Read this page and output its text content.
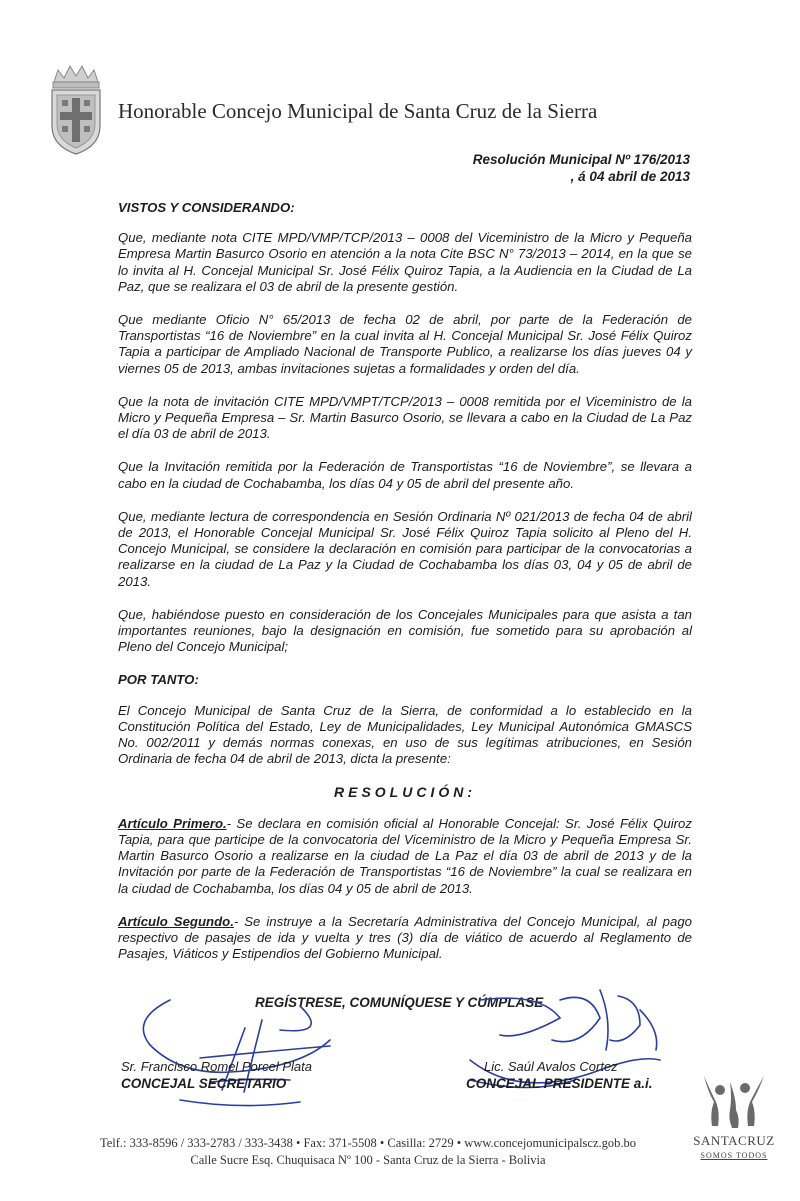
Honorable Concejo Municipal de Santa Cruz de la Sierra
Resolución Municipal Nº 176/2013
, á 04 abril de 2013
VISTOS Y CONSIDERANDO:

Que, mediante nota CITE MPD/VMP/TCP/2013 – 0008 del Viceministro de la Micro y Pequeña Empresa Martin Basurco Osorio en atención a la nota Cite BSC N° 73/2013 – 2014, en la que se lo invita al H. Concejal Municipal Sr. José Félix Quiroz Tapia, a la Audiencia en la Ciudad de La Paz, que se realizara el 03 de abril de la presente gestión.

Que mediante Oficio N° 65/2013 de fecha 02 de abril, por parte de la Federación de Transportistas “16 de Noviembre” en la cual invita al H. Concejal Municipal Sr. José Félix Quiroz Tapia a participar de Ampliado Nacional de Transporte Publico, a realizarse los días jueves 04 y viernes 05 de 2013, ambas invitaciones sujetas a formalidades y orden del día.

Que la nota de invitación CITE MPD/VMPT/TCP/2013 – 0008 remitida por el Viceministro de la Micro y Pequeña Empresa – Sr. Martin Basurco Osorio, se llevara a cabo en la Ciudad de La Paz el día 03 de abril de 2013.

Que la Invitación remitida por la Federación de Transportistas “16 de Noviembre”, se llevara a cabo en la ciudad de Cochabamba, los días 04 y 05 de abril del presente año.

Que, mediante lectura de correspondencia en Sesión Ordinaria Nº 021/2013 de fecha 04 de abril de 2013, el Honorable Concejal Municipal Sr. José Félix Quiroz Tapia solicito al Pleno del H. Concejo Municipal, se considere la declaración en comisión para participar de la convocatorias a realizarse en la ciudad de La Paz y la Ciudad de Cochabamba los días 03, 04 y 05 de abril de 2013.

Que, habiéndose puesto en consideración de los Concejales Municipales para que asista a tan importantes reuniones, bajo la designación en comisión, fue sometido para su aprobación al Pleno del Concejo Municipal;

POR TANTO:

El Concejo Municipal de Santa Cruz de la Sierra, de conformidad a lo establecido en la Constitución Política del Estado, Ley de Municipalidades, Ley Municipal Autonómica GMASCS No. 002/2011 y demás normas conexas, en uso de sus legítimas atribuciones, en Sesión Ordinaria de fecha 04 de abril de 2013, dicta la presente:

RESOLUCIÓN:

Artículo Primero.- Se declara en comisión oficial al Honorable Concejal: Sr. José Félix Quiroz Tapia, para que participe de la convocatoria del Viceministro de la Micro y Pequeña Empresa Sr. Martin Basurco Osorio a realizarse en la ciudad de La Paz el día 03 de abril de 2013 y de la Invitación por parte de la Federación de Transportistas “16 de Noviembre” la cual se realizara en la ciudad de Cochabamba, los días 04 y 05 de abril de 2013.

Artículo Segundo.- Se instruye a la Secretaría Administrativa del Concejo Municipal, al pago respectivo de pasajes de ida y vuelta y tres (3) día de viático de acuerdo al Reglamento de Pasajes, Viáticos y Estipendios del Gobierno Municipal.

REGÍSTRESE, COMUNÍQUESE Y CÚMPLASE
Sr. Francisco Romel Porcel Plata
CONCEJAL SECRETARIO
Lic. Saúl Avalos Cortez
CONCEJAL PRESIDENTE a.i.
SANTACRUZ
SOMOS TODOS
Telf.: 333-8596 / 333-2783 / 333-3438 • Fax: 371-5508 • Casilla: 2729 • www.concejomunicipalscz.gob.bo
Calle Sucre Esq. Chuquisaca Nº 100 - Santa Cruz de la Sierra - Bolivia
